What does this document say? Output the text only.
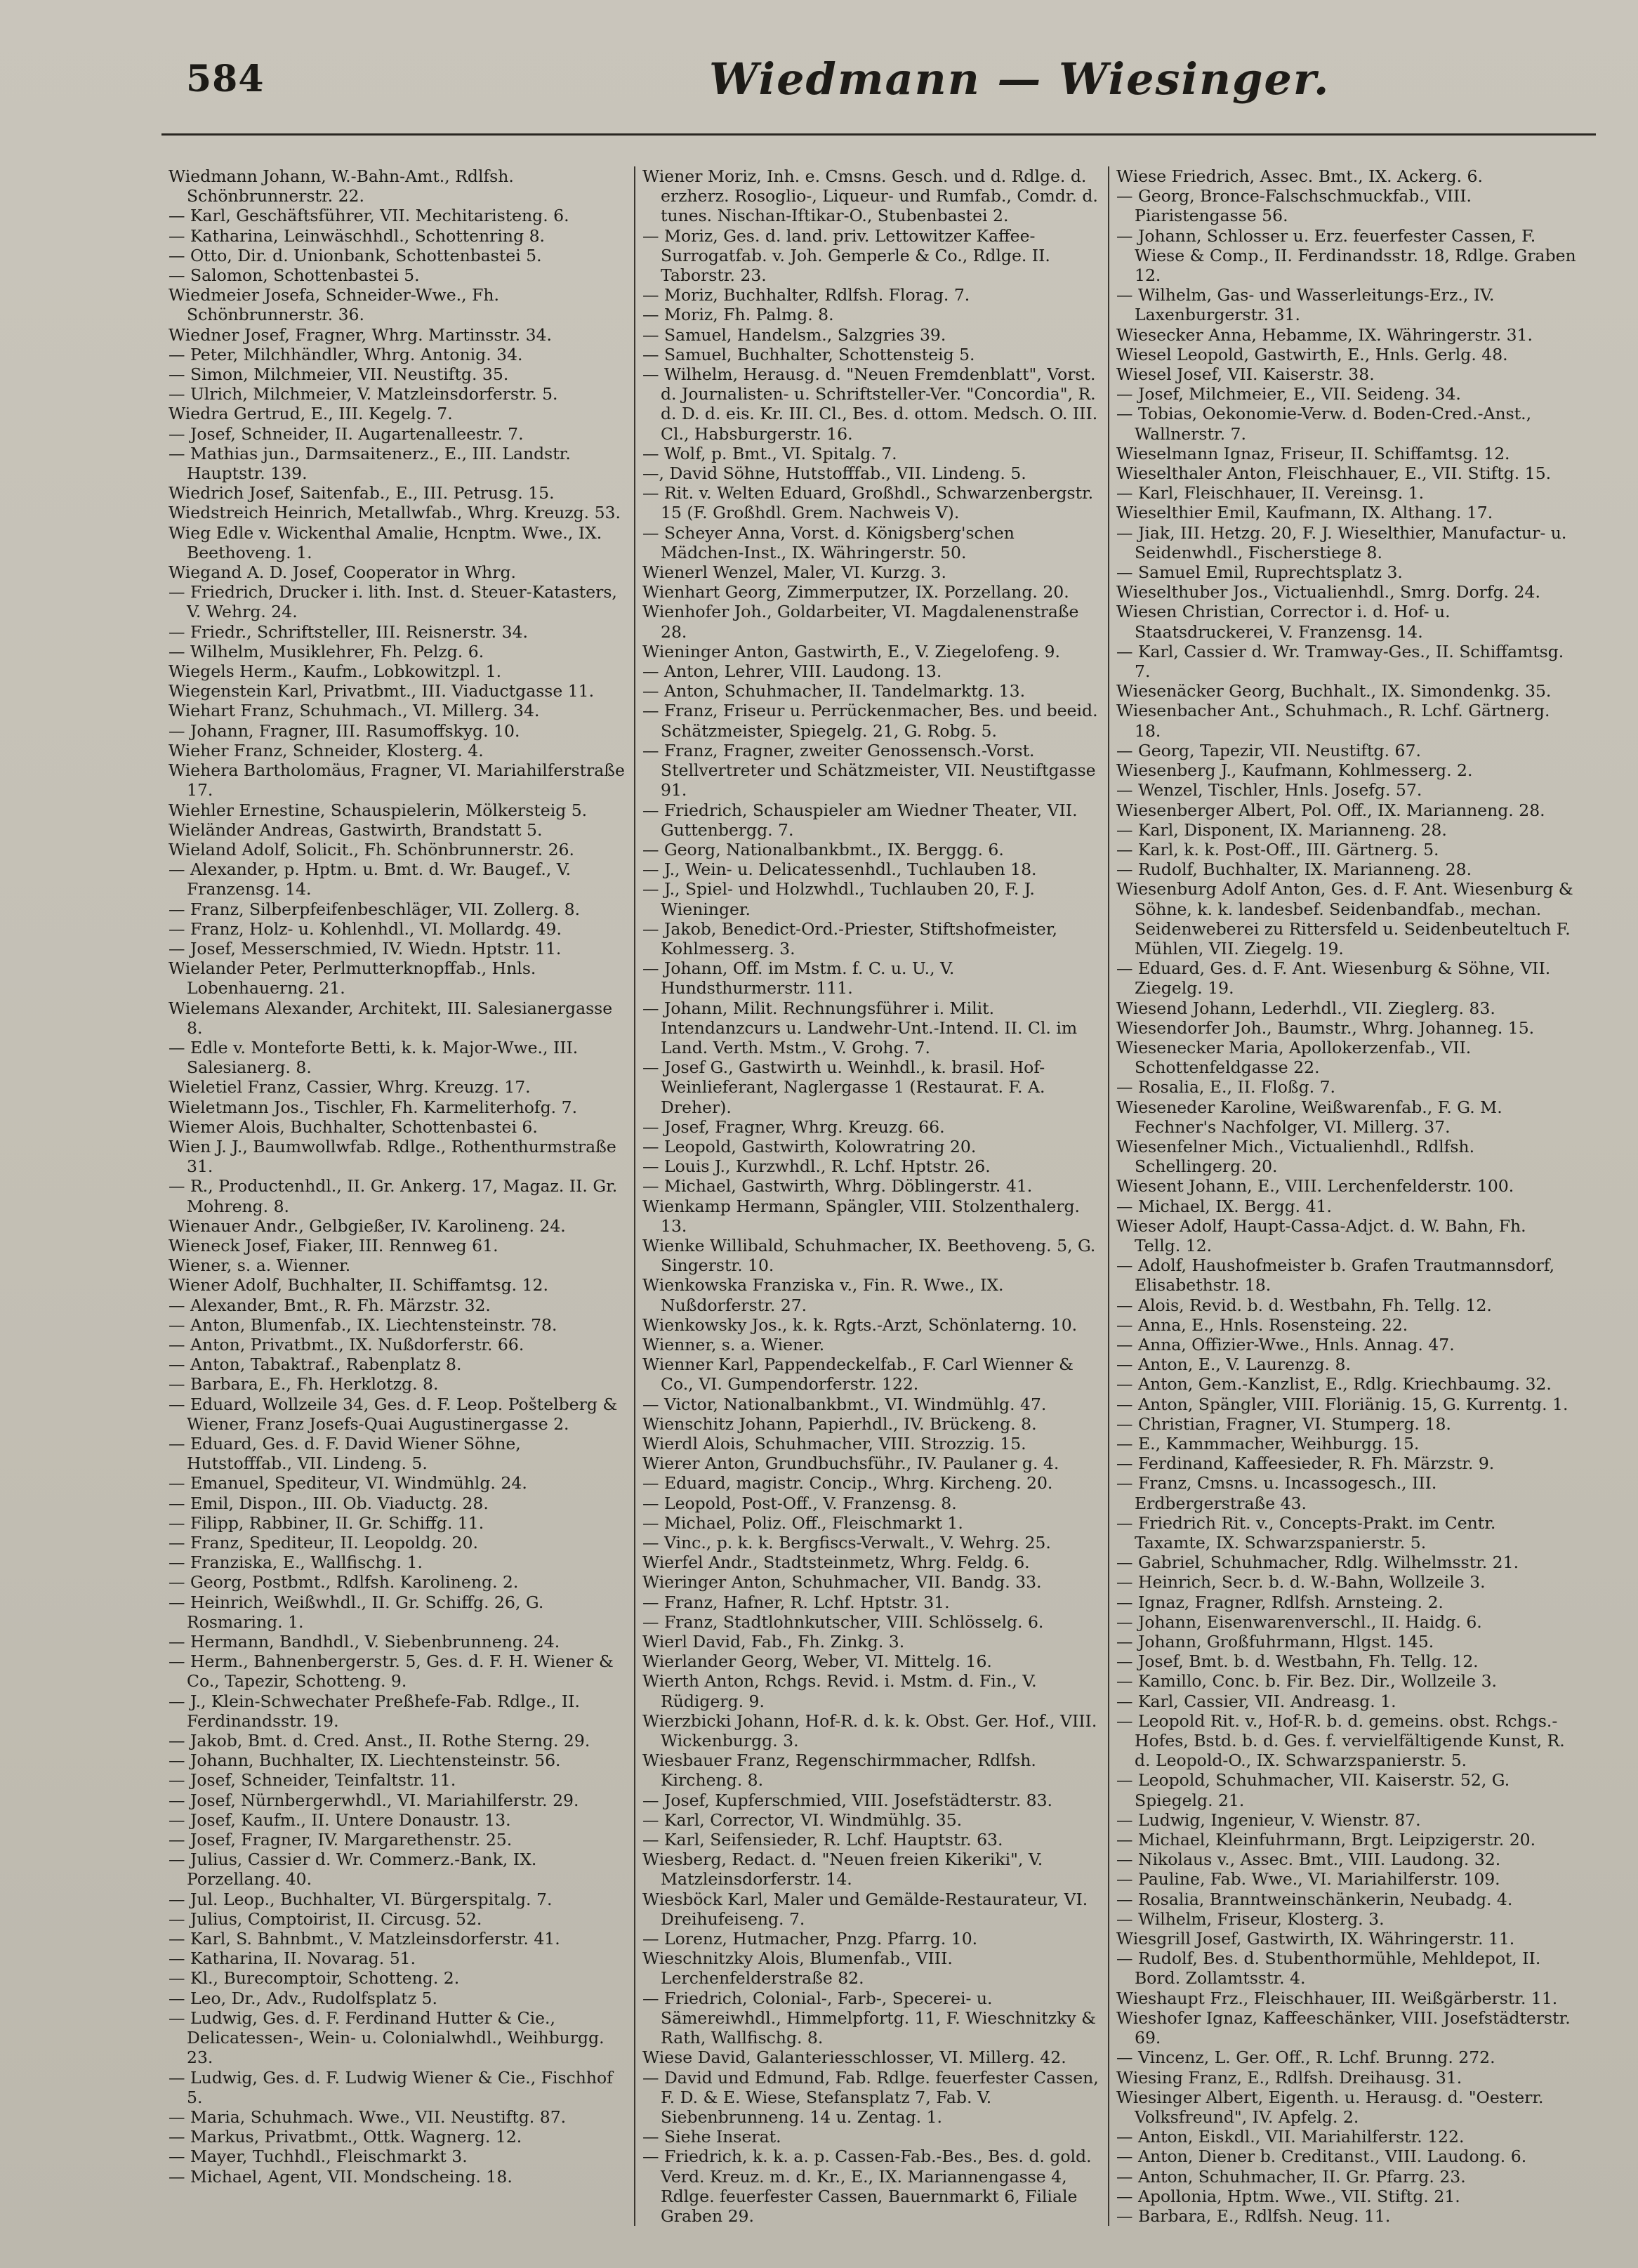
584	Wiedmann — Wiesinger.
Wiedmann Johann, W.-Bahn-Amt., Rdlfsh. Schönbrunnerstr. 22.
— Karl, Geschäftsführer, VII. Mechitaristeng. 6.
— Katharina, Leinwäschhdl., Schottenring 8.
— Otto, Dir. d. Unionbank, Schottenbastei 5.
— Salomon, Schottenbastei 5.
Wiedmeier Josefa, Schneider-Wwe., Fh. Schönbrunnerstr. 36.
Wiedner Josef, Fragner, Whrg. Martinsstr. 34.
— Peter, Milchhändler, Whrg. Antonig. 34.
— Simon, Milchmeier, VII. Neustiftg. 35.
— Ulrich, Milchmeier, V. Matzleinsdorferstr. 5.
Wiedra Gertrud, E., III. Kegelg. 7.
— Josef, Schneider, II. Augartenalleestr. 7.
— Mathias jun., Darmsaitenerz., E., III. Landstr. Hauptstr. 139.
Wiedrich Josef, Saitenfab., E., III. Petrusg. 15.
Wiedstreich Heinrich, Metallwfab., Whrg. Kreuzg. 53.
Wieg Edle v. Wickenthal Amalie, Hcnptm. Wwe., IX. Beethoveng. 1.
Wiegand A. D. Josef, Cooperator in Whrg.
— Friedrich, Drucker i. lith. Inst. d. Steuer-Katasters, V. Wehrg. 24.
— Friedr., Schriftsteller, III. Reisnerstr. 34.
— Wilhelm, Musiklehrer, Fh. Pelzg. 6.
Wiegels Herm., Kaufm., Lobkowitzpl. 1.
Wiegenstein Karl, Privatbmt., III. Viaductgasse 11.
Wiehart Franz, Schuhmach., VI. Millerg. 34.
— Johann, Fragner, III. Rasumoffskyg. 10.
Wieher Franz, Schneider, Klosterg. 4.
Wiehera Bartholomäus, Fragner, VI. Mariahilferstraße 17.
Wiehler Ernestine, Schauspielerin, Mölkersteig 5.
Wieländer Andreas, Gastwirth, Brandstatt 5.
Wieland Adolf, Solicit., Fh. Schönbrunnerstr. 26.
— Alexander, p. Hptm. u. Bmt. d. Wr. Baugef., V. Franzensg. 14.
— Franz, Silberpfeifenbeschläger, VII. Zollerg. 8.
— Franz, Holz- u. Kohlenhdl., VI. Mollardg. 49.
— Josef, Messerschmied, IV. Wiedn. Hptstr. 11.
Wielander Peter, Perlmutterknopffab., Hnls. Lobenhauerng. 21.
Wielemans Alexander, Architekt, III. Salesianergasse 8.
— Edle v. Monteforte Betti, k. k. Major-Wwe., III. Salesianerg. 8.
Wieletiel Franz, Cassier, Whrg. Kreuzg. 17.
Wieletmann Jos., Tischler, Fh. Karmeliterhofg. 7.
Wiemer Alois, Buchhalter, Schottenbastei 6.
Wien J. J., Baumwollwfab. Rdlge., Rothenthurmstraße 31.
— R., Productenhdl., II. Gr. Ankerg. 17, Magaz. II. Gr. Mohreng. 8.
Wienauer Andr., Gelbgießer, IV. Karolineng. 24.
Wieneck Josef, Fiaker, III. Rennweg 61.
Wiener, s. a. Wienner.
Wiener Adolf, Buchhalter, II. Schiffamtsg. 12.
— Alexander, Bmt., R. Fh. Märzstr. 32.
— Anton, Blumenfab., IX. Liechtensteinstr. 78.
— Anton, Privatbmt., IX. Nußdorferstr. 66.
— Anton, Tabaktraf., Rabenplatz 8.
— Barbara, E., Fh. Herklotzg. 8.
— Eduard, Wollzeile 34, Ges. d. F. Leop. Poštelberg & Wiener, Franz Josefs-Quai Augustinergasse 2.
— Eduard, Ges. d. F. David Wiener Söhne, Hutstofffab., VII. Lindeng. 5.
— Emanuel, Spediteur, VI. Windmühlg. 24.
— Emil, Dispon., III. Ob. Viaductg. 28.
— Filipp, Rabbiner, II. Gr. Schiffg. 11.
— Franz, Spediteur, II. Leopoldg. 20.
— Franziska, E., Wallfischg. 1.
— Georg, Postbmt., Rdlfsh. Karolineng. 2.
— Heinrich, Weißwhdl., II. Gr. Schiffg. 26, G. Rosmaring. 1.
— Hermann, Bandhdl., V. Siebenbrunneng. 24.
— Herm., Bahnenbergerstr. 5, Ges. d. F. H. Wiener & Co., Tapezir, Schotteng. 9.
— J., Klein-Schwechater Preßhefe-Fab. Rdlge., II. Ferdinandsstr. 19.
— Jakob, Bmt. d. Cred. Anst., II. Rothe Sterng. 29.
— Johann, Buchhalter, IX. Liechtensteinstr. 56.
— Josef, Schneider, Teinfaltstr. 11.
— Josef, Nürnbergerwhdl., VI. Mariahilferstr. 29.
— Josef, Kaufm., II. Untere Donaustr. 13.
— Josef, Fragner, IV. Margarethenstr. 25.
— Julius, Cassier d. Wr. Commerz.-Bank, IX. Porzellang. 40.
— Jul. Leop., Buchhalter, VI. Bürgerspitalg. 7.
— Julius, Comptoirist, II. Circusg. 52.
— Karl, S. Bahnbmt., V. Matzleinsdorferstr. 41.
— Katharina, II. Novarag. 51.
— Kl., Burecomptoir, Schotteng. 2.
— Leo, Dr., Adv., Rudolfsplatz 5.
— Ludwig, Ges. d. F. Ferdinand Hutter & Cie., Delicatessen-, Wein- u. Colonialwhdl., Weihburgg. 23.
— Ludwig, Ges. d. F. Ludwig Wiener & Cie., Fischhof 5.
— Maria, Schuhmach. Wwe., VII. Neustiftg. 87.
— Markus, Privatbmt., Ottk. Wagnerg. 12.
— Mayer, Tuchhdl., Fleischmarkt 3.
— Michael, Agent, VII. Mondscheing. 18.
Wiener Moriz, Inh. e. Cmsns. Gesch. und d. Rdlge. d. erzherz. Rosoglio-, Liqueur- und Rumfab., Comdr. d. tunes. Nischan-Iftikar-O., Stubenbastei 2.
— Moriz, Ges. d. land. priv. Lettowitzer Kaffee-Surrogatfab. v. Joh. Gemperle & Co., Rdlge. II. Taborstr. 23.
— Moriz, Buchhalter, Rdlfsh. Florag. 7.
— Moriz, Fh. Palmg. 8.
— Samuel, Handelsm., Salzgries 39.
— Samuel, Buchhalter, Schottensteig 5.
— Wilhelm, Herausg. d. "Neuen Fremdenblatt", Vorst. d. Journalisten- u. Schriftsteller-Ver. "Concordia", R. d. D. d. eis. Kr. III. Cl., Bes. d. ottom. Medsch. O. III. Cl., Habsburgerstr. 16.
— Wolf, p. Bmt., VI. Spitalg. 7.
—, David Söhne, Hutstofffab., VII. Lindeng. 5.
— Rit. v. Welten Eduard, Großhdl., Schwarzenbergstr. 15 (F. Großhdl. Grem. Nachweis V).
— Scheyer Anna, Vorst. d. Königsberg'schen Mädchen-Inst., IX. Währingerstr. 50.
Wienerl Wenzel, Maler, VI. Kurzg. 3.
Wienhart Georg, Zimmerputzer, IX. Porzellang. 20.
Wienhofer Joh., Goldarbeiter, VI. Magdalenenstraße 28.
Wieninger Anton, Gastwirth, E., V. Ziegelofeng. 9.
— Anton, Lehrer, VIII. Laudong. 13.
— Anton, Schuhmacher, II. Tandelmarktg. 13.
— Franz, Friseur u. Perrückenmacher, Bes. und beeid. Schätzmeister, Spiegelg. 21, G. Robg. 5.
— Franz, Fragner, zweiter Genossensch.-Vorst. Stellvertreter und Schätzmeister, VII. Neustiftgasse 91.
— Friedrich, Schauspieler am Wiedner Theater, VII. Guttenbergg. 7.
— Georg, Nationalbankbmt., IX. Berggg. 6.
— J., Wein- u. Delicatessenhdl., Tuchlauben 18.
— J., Spiel- und Holzwhdl., Tuchlauben 20, F. J. Wieninger.
— Jakob, Benedict-Ord.-Priester, Stiftshofmeister, Kohlmesserg. 3.
— Johann, Off. im Mstm. f. C. u. U., V. Hundsthurmerstr. 111.
— Johann, Milit. Rechnungsführer i. Milit. Intendanzcurs u. Landwehr-Unt.-Intend. II. Cl. im Land. Verth. Mstm., V. Grohg. 7.
— Josef G., Gastwirth u. Weinhdl., k. brasil. Hof-Weinlieferant, Naglergasse 1 (Restaurat. F. A. Dreher).
— Josef, Fragner, Whrg. Kreuzg. 66.
— Leopold, Gastwirth, Kolowratring 20.
— Louis J., Kurzwhdl., R. Lchf. Hptstr. 26.
— Michael, Gastwirth, Whrg. Döblingerstr. 41.
Wienkamp Hermann, Spängler, VIII. Stolzenthalerg. 13.
Wienke Willibald, Schuhmacher, IX. Beethoveng. 5, G. Singerstr. 10.
Wienkowska Franziska v., Fin. R. Wwe., IX. Nußdorferstr. 27.
Wienkowsky Jos., k. k. Rgts.-Arzt, Schönlaterng. 10.
Wienner, s. a. Wiener.
Wienner Karl, Pappendeckelfab., F. Carl Wienner & Co., VI. Gumpendorferstr. 122.
— Victor, Nationalbankbmt., VI. Windmühlg. 47.
Wienschitz Johann, Papierhdl., IV. Brückeng. 8.
Wierdl Alois, Schuhmacher, VIII. Strozzig. 15.
Wierer Anton, Grundbuchsführ., IV. Paulaner g. 4.
— Eduard, magistr. Concip., Whrg. Kircheng. 20.
— Leopold, Post-Off., V. Franzensg. 8.
— Michael, Poliz. Off., Fleischmarkt 1.
— Vinc., p. k. k. Bergfiscs-Verwalt., V. Wehrg. 25.
Wierfel Andr., Stadtsteinmetz, Whrg. Feldg. 6.
Wieringer Anton, Schuhmacher, VII. Bandg. 33.
— Franz, Hafner, R. Lchf. Hptstr. 31.
— Franz, Stadtlohnkutscher, VIII. Schlösselg. 6.
Wierl David, Fab., Fh. Zinkg. 3.
Wierlander Georg, Weber, VI. Mittelg. 16.
Wierth Anton, Rchgs. Revid. i. Mstm. d. Fin., V. Rüdigerg. 9.
Wierzbicki Johann, Hof-R. d. k. k. Obst. Ger. Hof., VIII. Wickenburgg. 3.
Wiesbauer Franz, Regenschirmmacher, Rdlfsh. Kircheng. 8.
— Josef, Kupferschmied, VIII. Josefstädterstr. 83.
— Karl, Corrector, VI. Windmühlg. 35.
— Karl, Seifensieder, R. Lchf. Hauptstr. 63.
Wiesberg, Redact. d. "Neuen freien Kikeriki", V. Matzleinsdorferstr. 14.
Wiesböck Karl, Maler und Gemälde-Restaurateur, VI. Dreihufeiseng. 7.
— Lorenz, Hutmacher, Pnzg. Pfarrg. 10.
Wieschnitzky Alois, Blumenfab., VIII. Lerchenfelderstraße 82.
— Friedrich, Colonial-, Farb-, Specerei- u. Sämereiwhdl., Himmelpfortg. 11, F. Wieschnitzky & Rath, Wallfischg. 8.
Wiese David, Galanteriesschlosser, VI. Millerg. 42.
— David und Edmund, Fab. Rdlge. feuerfester Cassen, F. D. & E. Wiese, Stefansplatz 7, Fab. V. Siebenbrunneng. 14 u. Zentag. 1.
— Siehe Inserat.
— Friedrich, k. k. a. p. Cassen-Fab.-Bes., Bes. d. gold. Verd. Kreuz. m. d. Kr., E., IX. Mariannengasse 4, Rdlge. feuerfester Cassen, Bauernmarkt 6, Filiale Graben 29.
Wiese Friedrich, Assec. Bmt., IX. Ackerg. 6.
— Georg, Bronce-Falschschmuckfab., VIII. Piaristengasse 56.
— Johann, Schlosser u. Erz. feuerfester Cassen, F. Wiese & Comp., II. Ferdinandsstr. 18, Rdlge. Graben 12.
— Wilhelm, Gas- und Wasserleitungs-Erz., IV. Laxenburgerstr. 31.
Wiesecker Anna, Hebamme, IX. Währingerstr. 31.
Wiesel Leopold, Gastwirth, E., Hnls. Gerlg. 48.
Wiesel Josef, VII. Kaiserstr. 38.
— Josef, Milchmeier, E., VII. Seideng. 34.
— Tobias, Oekonomie-Verw. d. Boden-Cred.-Anst., Wallnerstr. 7.
Wieselmann Ignaz, Friseur, II. Schiffamtsg. 12.
Wieselthaler Anton, Fleischhauer, E., VII. Stiftg. 15.
— Karl, Fleischhauer, II. Vereinsg. 1.
Wieselthier Emil, Kaufmann, IX. Althang. 17.
— Jiak, III. Hetzg. 20, F. J. Wieselthier, Manufactur- u. Seidenwhdl., Fischerstiege 8.
— Samuel Emil, Ruprechtsplatz 3.
Wieselthuber Jos., Victualienhdl., Smrg. Dorfg. 24.
Wiesen Christian, Corrector i. d. Hof- u. Staatsdruckerei, V. Franzensg. 14.
— Karl, Cassier d. Wr. Tramway-Ges., II. Schiffamtsg. 7.
Wiesenäcker Georg, Buchhalt., IX. Simondenkg. 35.
Wiesenbacher Ant., Schuhmach., R. Lchf. Gärtnerg. 18.
— Georg, Tapezir, VII. Neustiftg. 67.
Wiesenberg J., Kaufmann, Kohlmesserg. 2.
— Wenzel, Tischler, Hnls. Josefg. 57.
Wiesenberger Albert, Pol. Off., IX. Marianneng. 28.
— Karl, Disponent, IX. Marianneng. 28.
— Karl, k. k. Post-Off., III. Gärtnerg. 5.
— Rudolf, Buchhalter, IX. Marianneng. 28.
Wiesenburg Adolf Anton, Ges. d. F. Ant. Wiesenburg & Söhne, k. k. landesbef. Seidenbandfab., mechan. Seidenweberei zu Rittersfeld u. Seidenbeuteltuch F. Mühlen, VII. Ziegelg. 19.
— Eduard, Ges. d. F. Ant. Wiesenburg & Söhne, VII. Ziegelg. 19.
Wiesend Johann, Lederhdl., VII. Zieglerg. 83.
Wiesendorfer Joh., Baumstr., Whrg. Johanneg. 15.
Wiesenecker Maria, Apollokerzenfab., VII. Schottenfeldgasse 22.
— Rosalia, E., II. Floßg. 7.
Wieseneder Karoline, Weißwarenfab., F. G. M. Fechner's Nachfolger, VI. Millerg. 37.
Wiesenfelner Mich., Victualienhdl., Rdlfsh. Schellingerg. 20.
Wiesent Johann, E., VIII. Lerchenfelderstr. 100.
— Michael, IX. Bergg. 41.
Wieser Adolf, Haupt-Cassa-Adjct. d. W. Bahn, Fh. Tellg. 12.
— Adolf, Haushofmeister b. Grafen Trautmannsdorf, Elisabethstr. 18.
— Alois, Revid. b. d. Westbahn, Fh. Tellg. 12.
— Anna, E., Hnls. Rosensteing. 22.
— Anna, Offizier-Wwe., Hnls. Annag. 47.
— Anton, E., V. Laurenzg. 8.
— Anton, Gem.-Kanzlist, E., Rdlg. Kriechbaumg. 32.
— Anton, Spängler, VIII. Floriänig. 15, G. Kurrentg. 1.
— Christian, Fragner, VI. Stumperg. 18.
— E., Kammmacher, Weihburgg. 15.
— Ferdinand, Kaffeesieder, R. Fh. Märzstr. 9.
— Franz, Cmsns. u. Incassogesch., III. Erdbergerstraße 43.
— Friedrich Rit. v., Concepts-Prakt. im Centr. Taxamte, IX. Schwarzspanierstr. 5.
— Gabriel, Schuhmacher, Rdlg. Wilhelmsstr. 21.
— Heinrich, Secr. b. d. W.-Bahn, Wollzeile 3.
— Ignaz, Fragner, Rdlfsh. Arnsteing. 2.
— Johann, Eisenwarenverschl., II. Haidg. 6.
— Johann, Großfuhrmann, Hlgst. 145.
— Josef, Bmt. b. d. Westbahn, Fh. Tellg. 12.
— Kamillo, Conc. b. Fir. Bez. Dir., Wollzeile 3.
— Karl, Cassier, VII. Andreasg. 1.
— Leopold Rit. v., Hof-R. b. d. gemeins. obst. Rchgs.-Hofes, Bstd. b. d. Ges. f. vervielfältigende Kunst, R. d. Leopold-O., IX. Schwarzspanierstr. 5.
— Leopold, Schuhmacher, VII. Kaiserstr. 52, G. Spiegelg. 21.
— Ludwig, Ingenieur, V. Wienstr. 87.
— Michael, Kleinfuhrmann, Brgt. Leipzigerstr. 20.
— Nikolaus v., Assec. Bmt., VIII. Laudong. 32.
— Pauline, Fab. Wwe., VI. Mariahilferstr. 109.
— Rosalia, Branntweinschänkerin, Neubadg. 4.
— Wilhelm, Friseur, Klosterg. 3.
Wiesgrill Josef, Gastwirth, IX. Währingerstr. 11.
— Rudolf, Bes. d. Stubenthormühle, Mehldepot, II. Bord. Zollamtsstr. 4.
Wieshaupt Frz., Fleischhauer, III. Weißgärberstr. 11.
Wieshofer Ignaz, Kaffeeschänker, VIII. Josefstädterstr. 69.
— Vincenz, L. Ger. Off., R. Lchf. Brunng. 272.
Wiesing Franz, E., Rdlfsh. Dreihausg. 31.
Wiesinger Albert, Eigenth. u. Herausg. d. "Oesterr. Volksfreund", IV. Apfelg. 2.
— Anton, Eiskdl., VII. Mariahilferstr. 122.
— Anton, Diener b. Creditanst., VIII. Laudong. 6.
— Anton, Schuhmacher, II. Gr. Pfarrg. 23.
— Apollonia, Hptm. Wwe., VII. Stiftg. 21.
— Barbara, E., Rdlfsh. Neug. 11.
